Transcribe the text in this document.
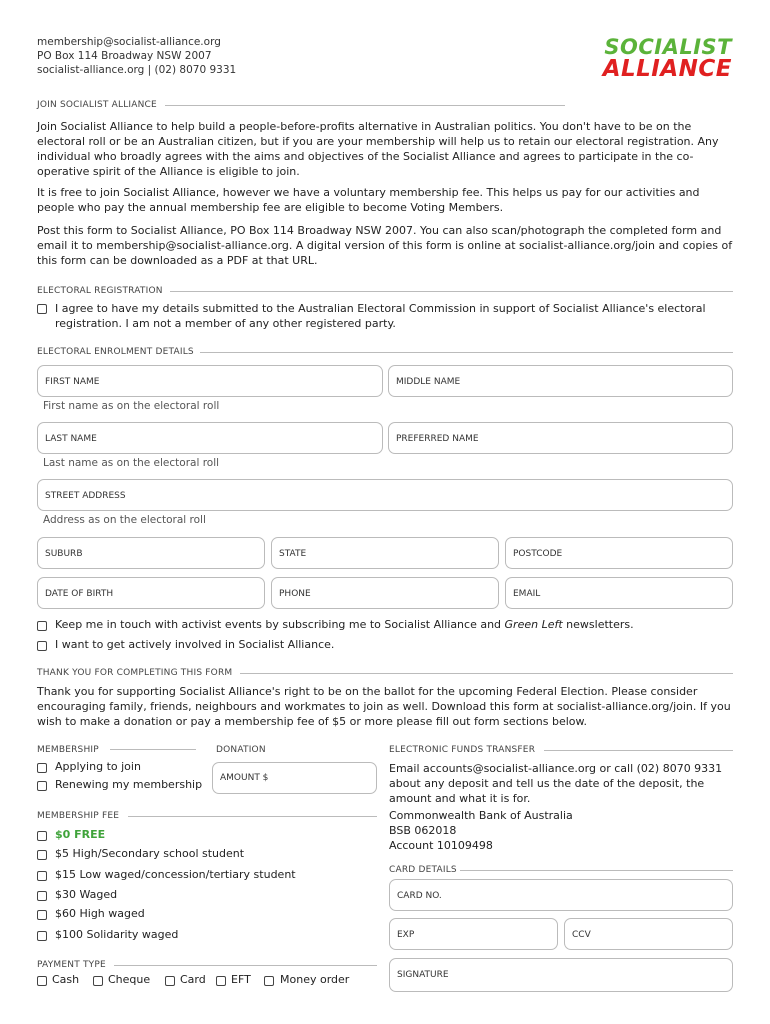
membership@socialist-alliance.org
PO Box 114 Broadway NSW 2007
socialist-alliance.org | (02) 8070 9331
SOCIALIST
ALLIANCE
JOIN SOCIALIST ALLIANCE
Join Socialist Alliance to help build a people-before-profits alternative in Australian politics. You don't have to be on the electoral roll or be an Australian citizen, but if you are your membership will help us to retain our electoral registration. Any individual who broadly agrees with the aims and objectives of the Socialist Alliance and agrees to participate in the co-operative spirit of the Alliance is eligible to join.
It is free to join Socialist Alliance, however we have a voluntary membership fee. This helps us pay for our activities and people who pay the annual membership fee are eligible to become Voting Members.
Post this form to Socialist Alliance, PO Box 114 Broadway NSW 2007. You can also scan/photograph the completed form and email it to membership@socialist-alliance.org. A digital version of this form is online at socialist-alliance.org/join and copies of this form can be downloaded as a PDF at that URL.
ELECTORAL REGISTRATION
I agree to have my details submitted to the Australian Electoral Commission in support of Socialist Alliance's electoral registration. I am not a member of any other registered party.
ELECTORAL ENROLMENT DETAILS
FIRST NAME	MIDDLE NAME
First name as on the electoral roll
LAST NAME	PREFERRED NAME
Last name as on the electoral roll
STREET ADDRESS
Address as on the electoral roll
SUBURB	STATE	POSTCODE
DATE OF BIRTH	PHONE	EMAIL
Keep me in touch with activist events by subscribing me to Socialist Alliance and Green Left newsletters.
I want to get actively involved in Socialist Alliance.
THANK YOU FOR COMPLETING THIS FORM
Thank you for supporting Socialist Alliance's right to be on the ballot for the upcoming Federal Election. Please consider encouraging family, friends, neighbours and workmates to join as well. Download this form at socialist-alliance.org/join. If you wish to make a donation or pay a membership fee of $5 or more please fill out form sections below.
MEMBERSHIP
Applying to join
Renewing my membership
DONATION
AMOUNT $
ELECTRONIC FUNDS TRANSFER
Email accounts@socialist-alliance.org or call (02) 8070 9331 about any deposit and tell us the date of the deposit, the amount and what it is for.
Commonwealth Bank of Australia
BSB 062018
Account 10109498
MEMBERSHIP FEE
$0 FREE
$5 High/Secondary school student
$15 Low waged/concession/tertiary student
$30 Waged
$60 High waged
$100 Solidarity waged
CARD DETAILS
CARD NO.
EXP	CCV
SIGNATURE
PAYMENT TYPE
Cash	Cheque	Card EFT	Money order
